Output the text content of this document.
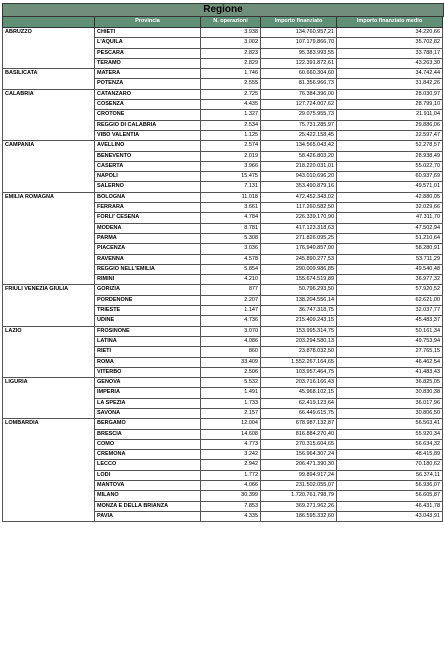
Regione
	Provincia	N. operazioni	Importo finanziato	Importo finanziato medio
ABRUZZO	CHIETI	3.938	134.760.957,21	34.220,66
	L'AQUILA	3.002	107.179.866,70	35.702,82
	PESCARA	2.823	95.383.993,55	33.788,17
	TERAMO	2.829	122.391.872,61	43.263,30
BASILICATA	MATERA	1.746	60.660.304,60	34.742,44
	POTENZA	2.555	81.356.966,73	31.842,26
CALABRIA	CATANZARO	2.725	76.384.396,00	28.030,97
	COSENZA	4.435	127.724.007,62	28.799,10
	CROTONE	1.327	29.075.955,73	21.911,04
	REGGIO DI CALABRIA	2.534	75.731.285,97	29.886,06
	VIBO VALENTIA	1.125	25.422.158,45	22.597,47
CAMPANIA	AVELLINO	2.574	134.565.043,42	52.278,57
	BENEVENTO	2.019	58.426.803,20	28.938,49
	CASERTA	3.966	218.220.031,01	55.022,70
	NAPOLI	15.475	943.010.696,20	60.937,69
	SALERNO	7.131	353.490.879,16	49.571,01
EMILIA ROMAGNA	BOLOGNA	11.018	472.452.343,02	42.880,05
	FERRARA	3.661	117.260.582,50	32.029,66
	FORLI' CESENA	4.784	226.339.170,90	47.311,70
	MODENA	8.781	417.123.318,63	47.502,94
	PARMA	5.308	271.826.095,25	51.210,64
	PIACENZA	3.036	176.940.857,00	58.280,91
	RAVENNA	4.578	245.890.277,53	53.711,29
	REGGIO NELL'EMILIA	5.854	290.009.986,85	49.540,48
	RIMINI	4.210	155.674.519,89	36.977,32
FRIULI VENEZIA GIULIA	GORIZIA	877	50.796.293,50	57.920,52
	PORDENONE	2.207	138.204.556,14	62.621,00
	TRIESTE	1.147	36.747.318,75	32.037,77
	UDINE	4.736	215.409.243,15	45.483,37
LAZIO	FROSINONE	3.070	153.995.314,75	50.161,34
	LATINA	4.086	203.294.580,13	49.753,94
	RIETI	860	23.878.032,50	27.765,15
	ROMA	33.409	1.552.267.164,65	46.462,54
	VITERBO	2.506	103.957.464,75	41.483,43
LIGURIA	GENOVA	5.532	203.716.166,43	36.825,05
	IMPERIA	1.491	45.968.102,15	30.830,38
	LA SPEZIA	1.733	62.419.123,64	36.017,96
	SAVONA	2.157	66.449.615,75	30.806,50
LOMBARDIA	BERGAMO	12.004	678.987.132,87	56.563,41
	BRESCIA	14.608	816.884.270,40	55.920,34
	COMO	4.773	270.315.604,65	56.634,32
	CREMONA	3.242	156.964.307,24	48.415,89
	LECCO	2.942	206.471.390,30	70.180,62
	LODI	1.772	99.894.917,24	56.374,11
	MANTOVA	4.066	231.502.055,07	56.936,07
	MILANO	30.399	1.720.761.798,79	56.605,87
	MONZA E DELLA BRIANZA	7.853	369.271.962,26	46.431,78
	PAVIA	4.335	186.595.332,60	43.043,91
